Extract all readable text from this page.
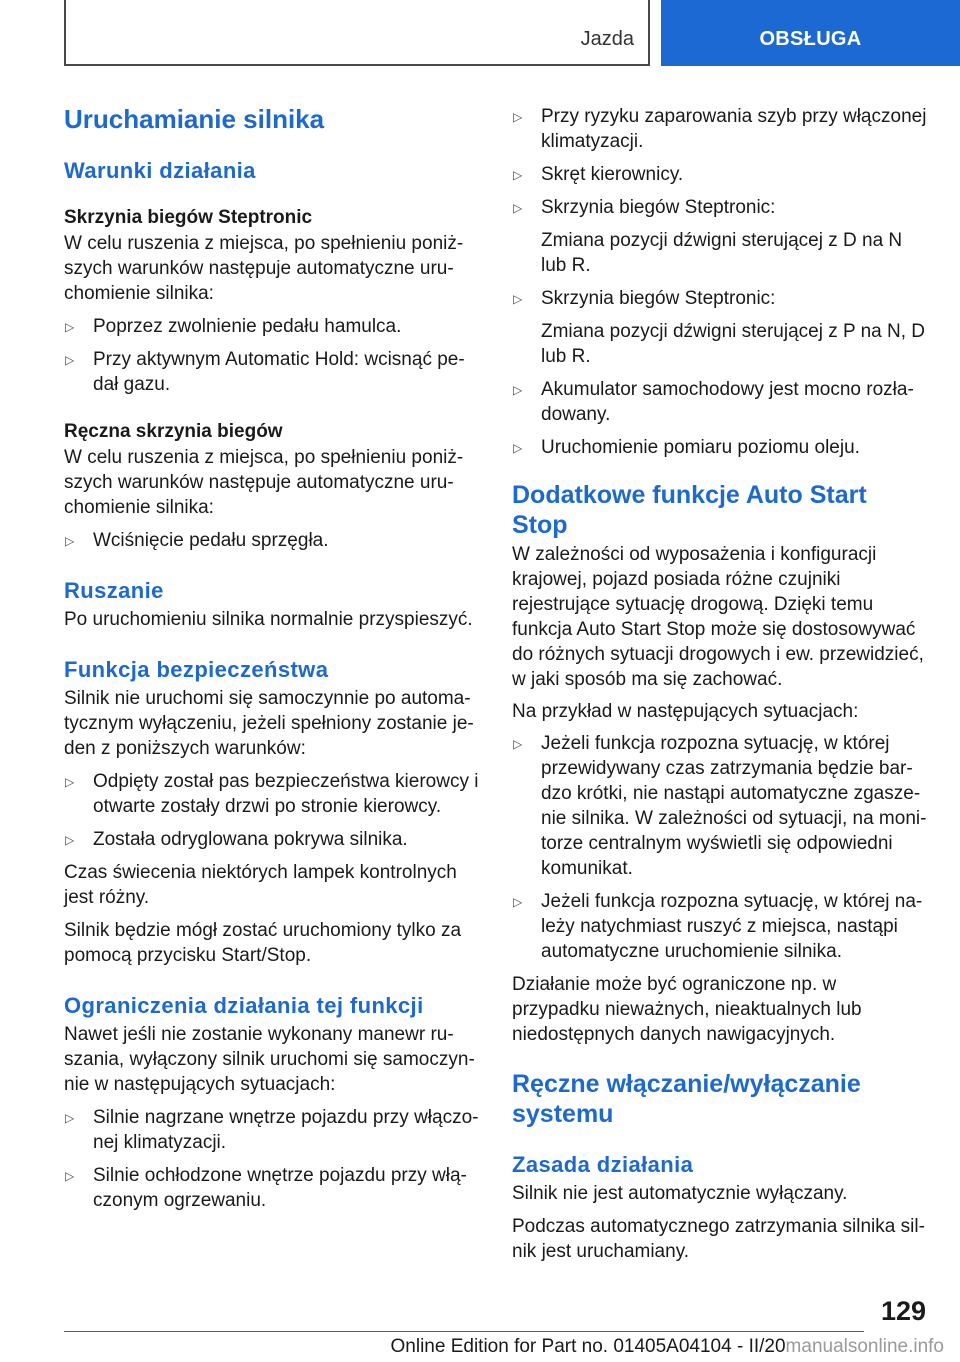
Jazda	OBSŁUGA
Uruchamianie silnika
Warunki działania
Skrzynia biegów Steptronic

W celu ruszenia z miejsca, po spełnieniu poniższych warunków następuje automatyczne uruchomienie silnika:

▷ Poprzez zwolnienie pedału hamulca.
▷ Przy aktywnym Automatic Hold: wcisnąć pedał gazu.
Ręczna skrzynia biegów

W celu ruszenia z miejsca, po spełnieniu poniższych warunków następuje automatyczne uruchomienie silnika:

▷ Wciśnięcie pedału sprzęgła.
Ruszanie

Po uruchomieniu silnika normalnie przyspieszyć.

Funkcja bezpieczeństwa

Silnik nie uruchomi się samoczynnie po automatycznym wyłączeniu, jeżeli spełniony zostanie jeden z poniższych warunków:

▷ Odpięty został pas bezpieczeństwa kierowcy i otwarte zostały drzwi po stronie kierowcy.
▷ Została odryglowana pokrywa silnika.

Czas świecenia niektórych lampek kontrolnych jest różny.

Silnik będzie mógł zostać uruchomiony tylko za pomocą przycisku Start/Stop.

Ograniczenia działania tej funkcji

Nawet jeśli nie zostanie wykonany manewr ruszania, wyłączony silnik uruchomi się samoczynnie w następujących sytuacjach:

▷ Silnie nagrzane wnętrze pojazdu przy włączonej klimatyzacji.
▷ Silnie ochłodzone wnętrze pojazdu przy włączonym ogrzewaniu.
▷ Przy ryzyku zaparowania szyb przy włączonej klimatyzacji.
▷ Skręt kierownicy.
▷ Skrzynia biegów Steptronic:
Zmiana pozycji dźwigni sterującej z D na N lub R.
▷ Skrzynia biegów Steptronic:
Zmiana pozycji dźwigni sterującej z P na N, D lub R.
▷ Akumulator samochodowy jest mocno rozładowany.
▷ Uruchomienie pomiaru poziomu oleju.
Dodatkowe funkcje Auto Start Stop

W zależności od wyposażenia i konfiguracji krajowej, pojazd posiada różne czujniki rejestrujące sytuację drogową. Dzięki temu funkcja Auto Start Stop może się dostosowywać do różnych sytuacji drogowych i ew. przewidzieć, w jaki sposób ma się zachować.

Na przykład w następujących sytuacjach:

▷ Jeżeli funkcja rozpozna sytuację, w której przewidywany czas zatrzymania będzie bardzo krótki, nie nastąpi automatyczne zgaszenie silnika. W zależności od sytuacji, na monitorze centralnym wyświetli się odpowiedni komunikat.
▷ Jeżeli funkcja rozpozna sytuację, w której należy natychmiast ruszyć z miejsca, nastąpi automatyczne uruchomienie silnika.

Działanie może być ograniczone np. w przypadku nieważnych, nieaktualnych lub niedostępnych danych nawigacyjnych.

Ręczne włączanie/wyłączanie systemu
Zasada działania

Silnik nie jest automatycznie wyłączany.

Podczas automatycznego zatrzymania silnika silnik jest uruchamiany.

129
Online Edition for Part no. 01405A04104 - II/20manualsonline.info
